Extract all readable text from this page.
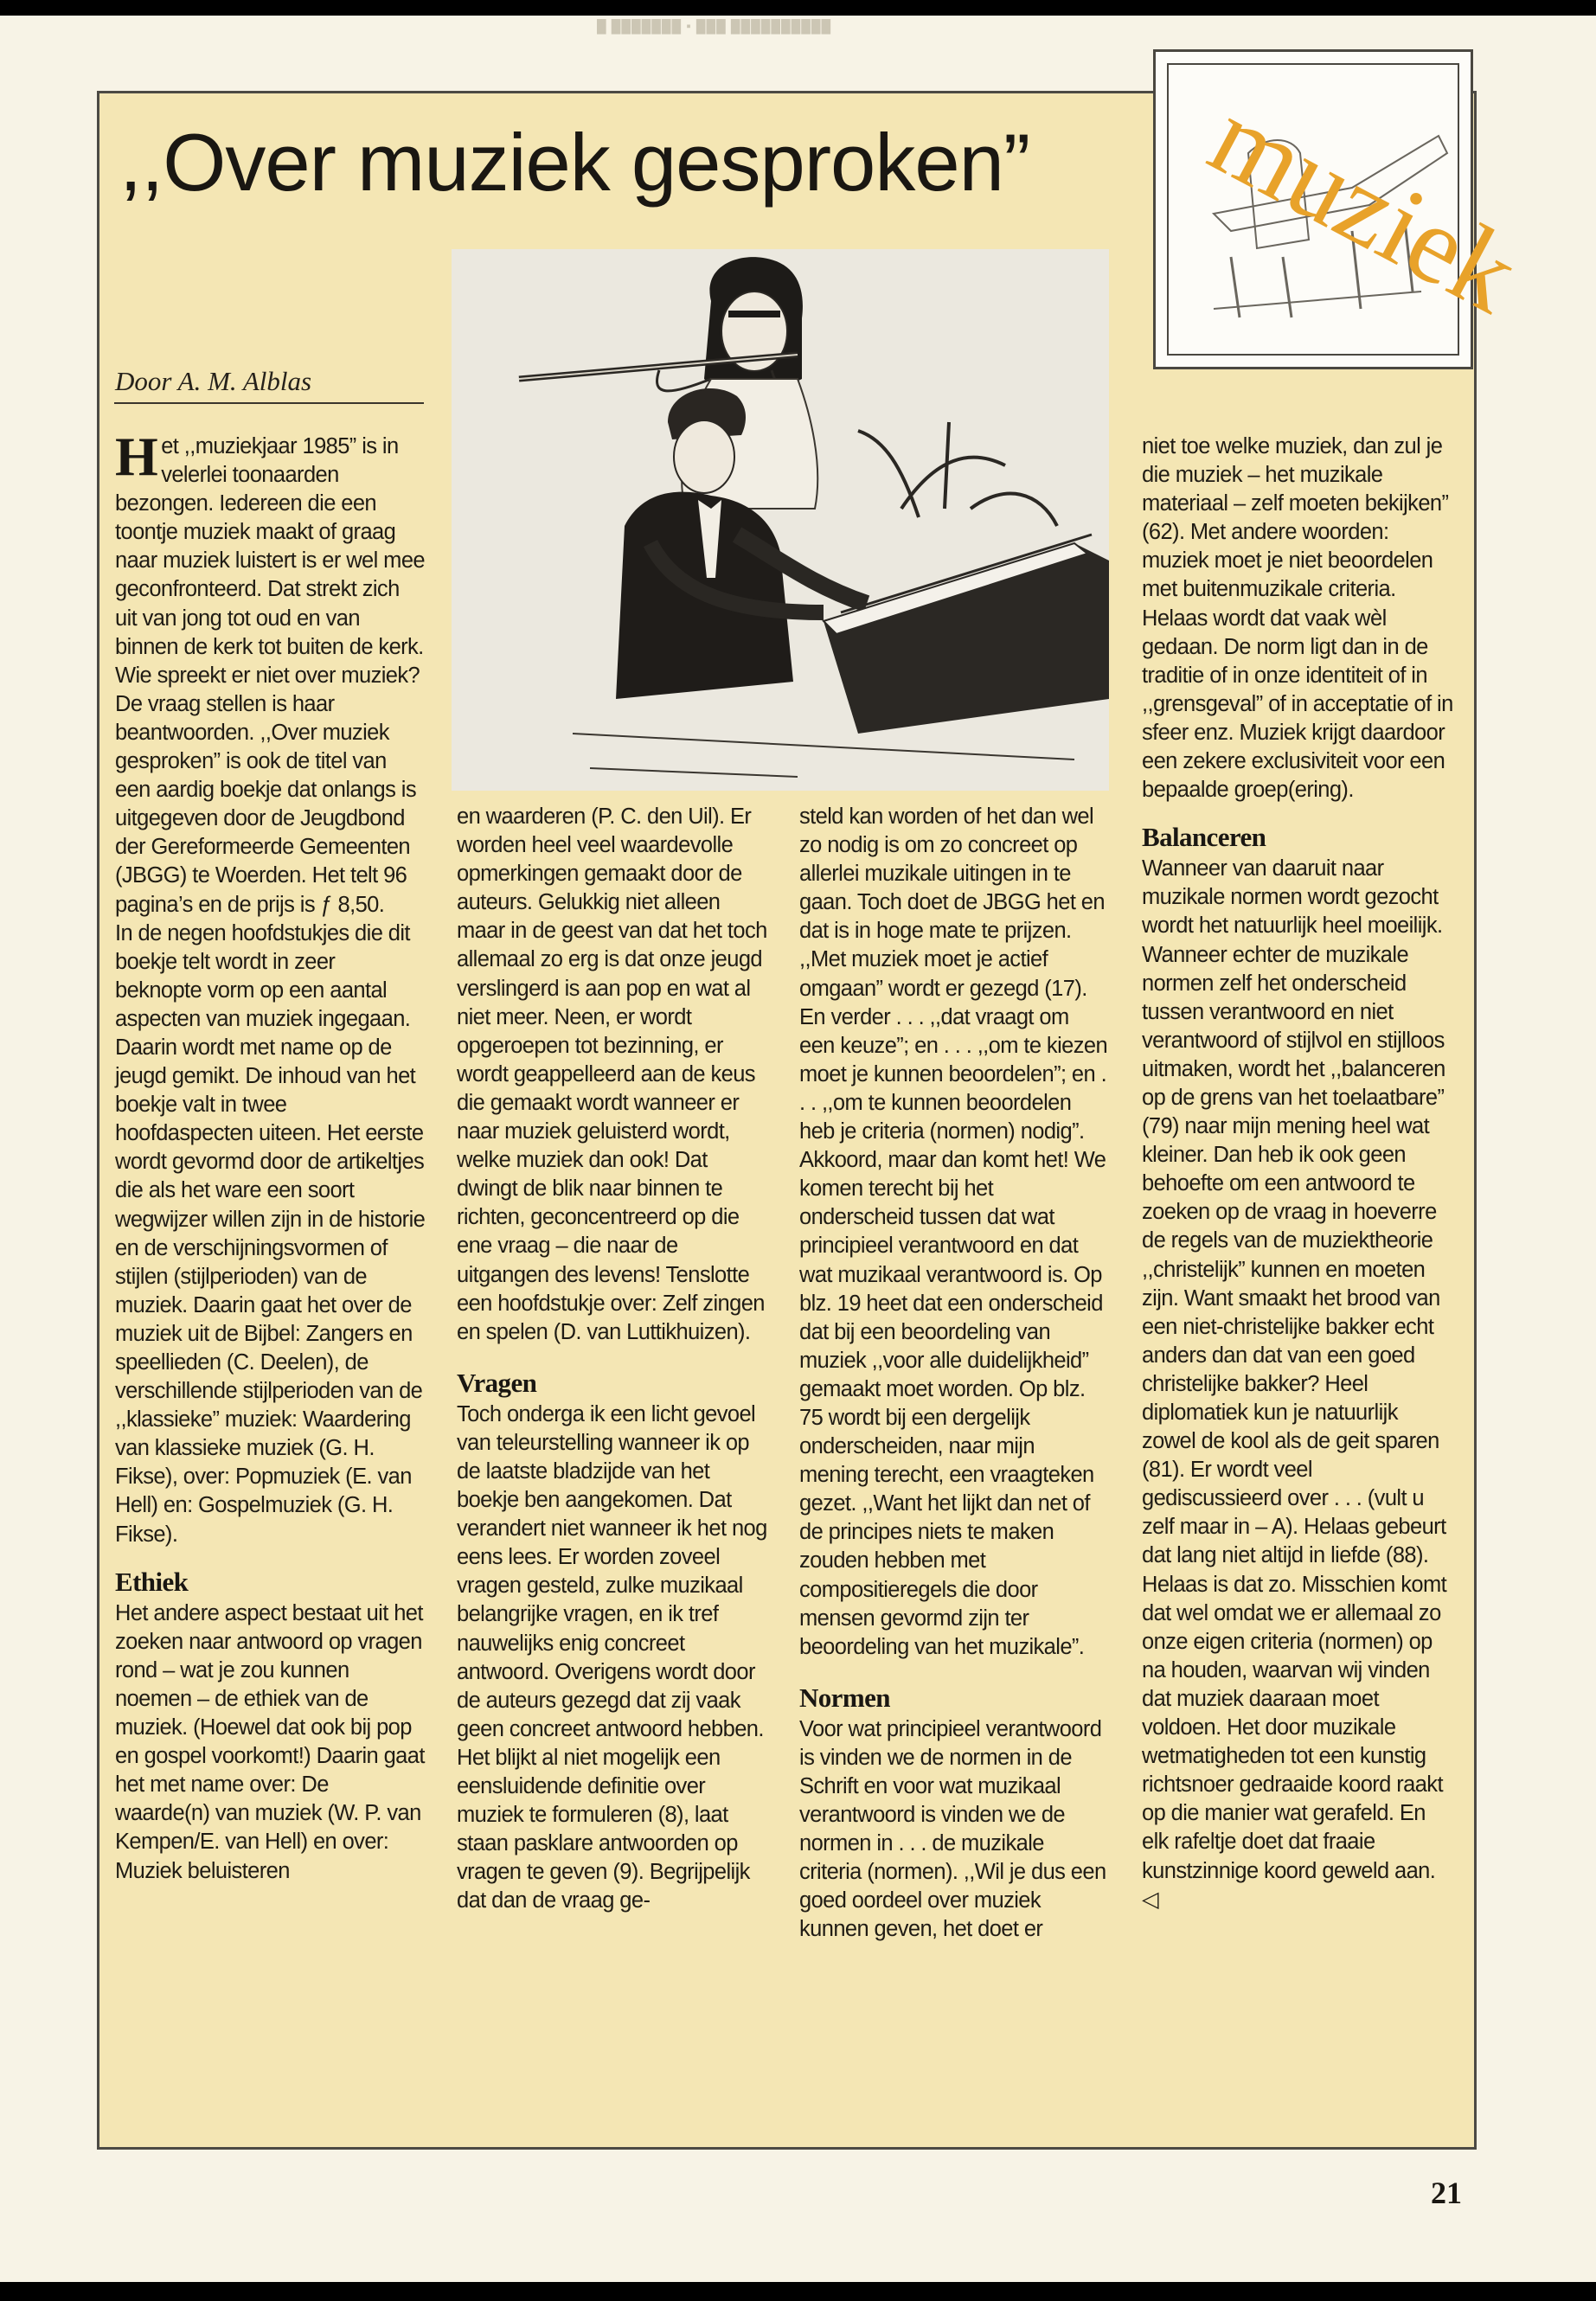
█ ███████ ▪ ███ ██████████
,,Over muziek gesproken”
Door A. M. Alblas
muziek

Het ,,muziekjaar 1985” is in velerlei toonaarden bezongen. Iedereen die een toontje muziek maakt of graag naar muziek luistert is er wel mee geconfronteerd. Dat strekt zich uit van jong tot oud en van binnen de kerk tot buiten de kerk. Wie spreekt er niet over muziek? De vraag stellen is haar beantwoorden. ,,Over muziek gesproken” is ook de titel van een aardig boekje dat onlangs is uitgegeven door de Jeugdbond der Gereformeerde Gemeenten (JBGG) te Woerden. Het telt 96 pagina’s en de prijs is ƒ 8,50.

In de negen hoofdstukjes die dit boekje telt wordt in zeer beknopte vorm op een aantal aspecten van muziek ingegaan. Daarin wordt met name op de jeugd gemikt. De inhoud van het boekje valt in twee hoofdaspecten uiteen. Het eerste wordt gevormd door de artikeltjes die als het ware een soort wegwijzer willen zijn in de historie en de verschijningsvormen of stijlen (stijlperioden) van de muziek. Daarin gaat het over de muziek uit de Bijbel: Zangers en speellieden (C. Deelen), de verschillende stijlperioden van de ,,klassieke” muziek: Waardering van klassieke muziek (G. H. Fikse), over: Popmuziek (E. van Hell) en: Gospelmuziek (G. H. Fikse).

Ethiek

Het andere aspect bestaat uit het zoeken naar antwoord op vragen rond – wat je zou kunnen noemen – de ethiek van de muziek. (Hoewel dat ook bij pop en gospel voorkomt!) Daarin gaat het met name over: De waarde(n) van muziek (W. P. van Kempen/E. van Hell) en over: Muziek beluisteren

en waarderen (P. C. den Uil). Er worden heel veel waardevolle opmerkingen gemaakt door de auteurs. Gelukkig niet alleen maar in de geest van dat het toch allemaal zo erg is dat onze jeugd verslingerd is aan pop en wat al niet meer. Neen, er wordt opgeroepen tot bezinning, er wordt geappelleerd aan de keus die gemaakt wordt wanneer er naar muziek geluisterd wordt, welke muziek dan ook! Dat dwingt de blik naar binnen te richten, geconcentreerd op die ene vraag – die naar de uitgangen des levens! Tenslotte een hoofdstukje over: Zelf zingen en spelen (D. van Luttikhuizen).

Vragen

Toch onderga ik een licht gevoel van teleurstelling wanneer ik op de laatste bladzijde van het boekje ben aangekomen. Dat verandert niet wanneer ik het nog eens lees. Er worden zoveel vragen gesteld, zulke muzikaal belangrijke vragen, en ik tref nauwelijks enig concreet antwoord. Overigens wordt door de auteurs gezegd dat zij vaak geen concreet antwoord hebben. Het blijkt al niet mogelijk een eensluidende definitie over muziek te formuleren (8), laat staan pasklare antwoorden op vragen te geven (9). Begrijpelijk dat dan de vraag ge-

steld kan worden of het dan wel zo nodig is om zo concreet op allerlei muzikale uitingen in te gaan. Toch doet de JBGG het en dat is in hoge mate te prijzen.

,,Met muziek moet je actief omgaan” wordt er gezegd (17). En verder . . . ,,dat vraagt om een keuze”; en . . . ,,om te kiezen moet je kunnen beoordelen”; en . . . ,,om te kunnen beoordelen heb je criteria (normen) nodig”. Akkoord, maar dan komt het! We komen terecht bij het onderscheid tussen dat wat principieel verantwoord en dat wat muzikaal verantwoord is. Op blz. 19 heet dat een onderscheid dat bij een beoordeling van muziek ,,voor alle duidelijkheid” gemaakt moet worden. Op blz. 75 wordt bij een dergelijk onderscheiden, naar mijn mening terecht, een vraagteken gezet. ,,Want het lijkt dan net of de principes niets te maken zouden hebben met compositieregels die door mensen gevormd zijn ter beoordeling van het muzikale”.

Normen

Voor wat principieel verantwoord is vinden we de normen in de Schrift en voor wat muzikaal verantwoord is vinden we de normen in . . . de muzikale criteria (normen). ,,Wil je dus een goed oordeel over muziek kunnen geven, het doet er

niet toe welke muziek, dan zul je die muziek – het muzikale materiaal – zelf moeten bekijken” (62). Met andere woorden: muziek moet je niet beoordelen met buitenmuzikale criteria. Helaas wordt dat vaak wèl gedaan. De norm ligt dan in de traditie of in onze identiteit of in ,,grensgeval” of in acceptatie of in sfeer enz. Muziek krijgt daardoor een zekere exclusiviteit voor een bepaalde groep(ering).

Balanceren

Wanneer van daaruit naar muzikale normen wordt gezocht wordt het natuurlijk heel moeilijk. Wanneer echter de muzikale normen zelf het onderscheid tussen verantwoord en niet verantwoord of stijlvol en stijlloos uitmaken, wordt het ,,balanceren op de grens van het toelaatbare” (79) naar mijn mening heel wat kleiner. Dan heb ik ook geen behoefte om een antwoord te zoeken op de vraag in hoeverre de regels van de muziektheorie ,,christelijk” kunnen en moeten zijn. Want smaakt het brood van een niet-christelijke bakker echt anders dan dat van een goed christelijke bakker? Heel diplomatiek kun je natuurlijk zowel de kool als de geit sparen (81). Er wordt veel gediscussieerd over . . . (vult u zelf maar in – A). Helaas gebeurt dat lang niet altijd in liefde (88).

Helaas is dat zo. Misschien komt dat wel omdat we er allemaal zo onze eigen criteria (normen) op na houden, waarvan wij vinden dat muziek daaraan moet voldoen. Het door muzikale wetmatigheden tot een kunstig richtsnoer gedraaide koord raakt op die manier wat gerafeld. En elk rafeltje doet dat fraaie kunstzinnige koord geweld aan. ◁

21
